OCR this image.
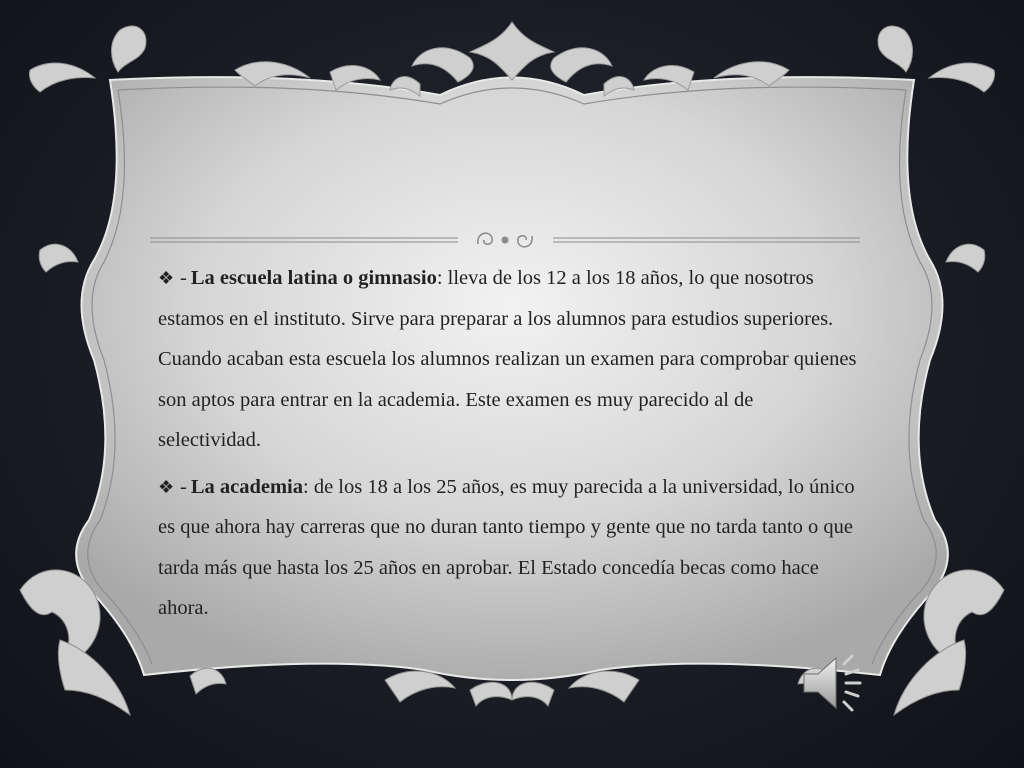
❖ - La escuela latina o gimnasio: lleva de los 12 a los 18 años, lo que nosotros estamos en el instituto. Sirve para preparar a los alumnos para estudios superiores. Cuando acaban esta escuela los alumnos realizan un examen para comprobar quienes son aptos para entrar en la academia. Este examen es muy parecido al de selectividad.

❖ - La academia: de los 18 a los 25 años, es muy parecida a la universidad, lo único es que ahora hay carreras que no duran tanto tiempo y gente que no tarda tanto o que tarda más que hasta los 25 años en aprobar. El Estado concedía becas como hace ahora.
